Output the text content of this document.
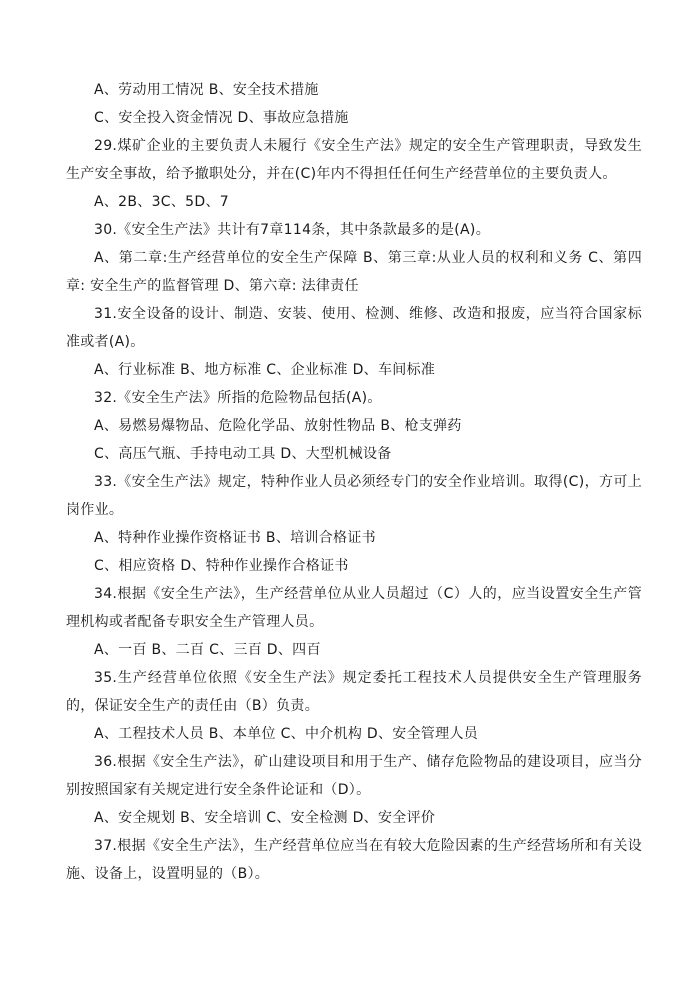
A、劳动用工情况 B、安全技术措施

C、安全投入资金情况 D、事故应急措施

29.煤矿企业的主要负责人未履行《安全生产法》规定的安全生产管理职责，导致发生生产安全事故，给予撤职处分，并在(C)年内不得担任任何生产经营单位的主要负责人。

A、2B、3C、5D、7

30.《安全生产法》共计有7章114条，其中条款最多的是(A)。

A、第二章:生产经营单位的安全生产保障 B、第三章:从业人员的权利和义务 C、第四章: 安全生产的监督管理 D、第六章: 法律责任

31.安全设备的设计、制造、安装、使用、检测、维修、改造和报废，应当符合国家标准或者(A)。

A、行业标准 B、地方标准 C、企业标准 D、车间标准

32.《安全生产法》所指的危险物品包括(A)。

A、易燃易爆物品、危险化学品、放射性物品 B、枪支弹药

C、高压气瓶、手持电动工具 D、大型机械设备

33.《安全生产法》规定，特种作业人员必须经专门的安全作业培训。取得(C)，方可上岗作业。

A、特种作业操作资格证书 B、培训合格证书

C、相应资格 D、特种作业操作合格证书

34.根据《安全生产法》，生产经营单位从业人员超过（C）人的，应当设置安全生产管理机构或者配备专职安全生产管理人员。

A、一百 B、二百 C、三百 D、四百

35.生产经营单位依照《安全生产法》规定委托工程技术人员提供安全生产管理服务的，保证安全生产的责任由（B）负责。

A、工程技术人员 B、本单位 C、中介机构 D、安全管理人员

36.根据《安全生产法》，矿山建设项目和用于生产、储存危险物品的建设项目，应当分别按照国家有关规定进行安全条件论证和（D）。

A、安全规划 B、安全培训 C、安全检测 D、安全评价

37.根据《安全生产法》，生产经营单位应当在有较大危险因素的生产经营场所和有关设施、设备上，设置明显的（B）。
